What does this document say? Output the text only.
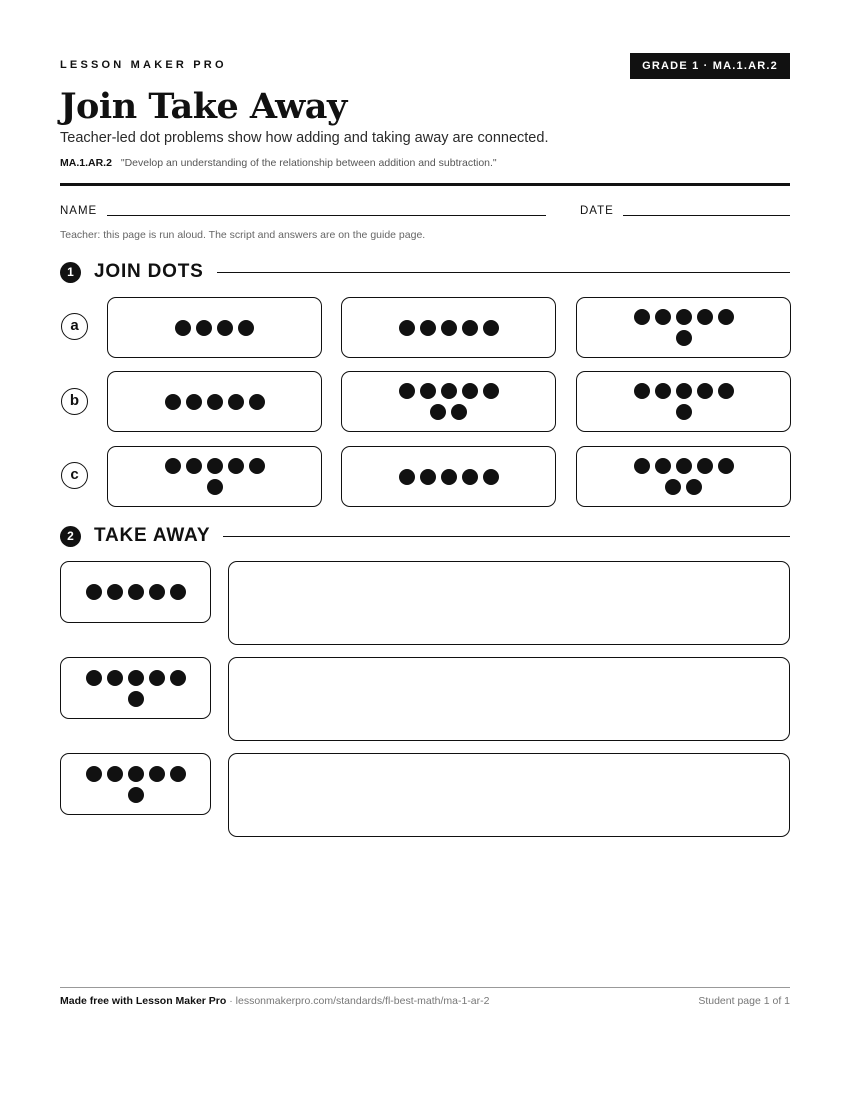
LESSON MAKER PRO	GRADE 1 · MA.1.AR.2
Join Take Away
Teacher-led dot problems show how adding and taking away are connected.
MA.1.AR.2 "Develop an understanding of the relationship between addition and subtraction."
NAME	DATE
Teacher: this page is run aloud. The script and answers are on the guide page.
1	JOIN DOTS
a
b
c
2	TAKE AWAY
Made free with Lesson Maker Pro · lessonmakerpro.com/standards/fl-best-math/ma-1-ar-2	Student page 1 of 1
